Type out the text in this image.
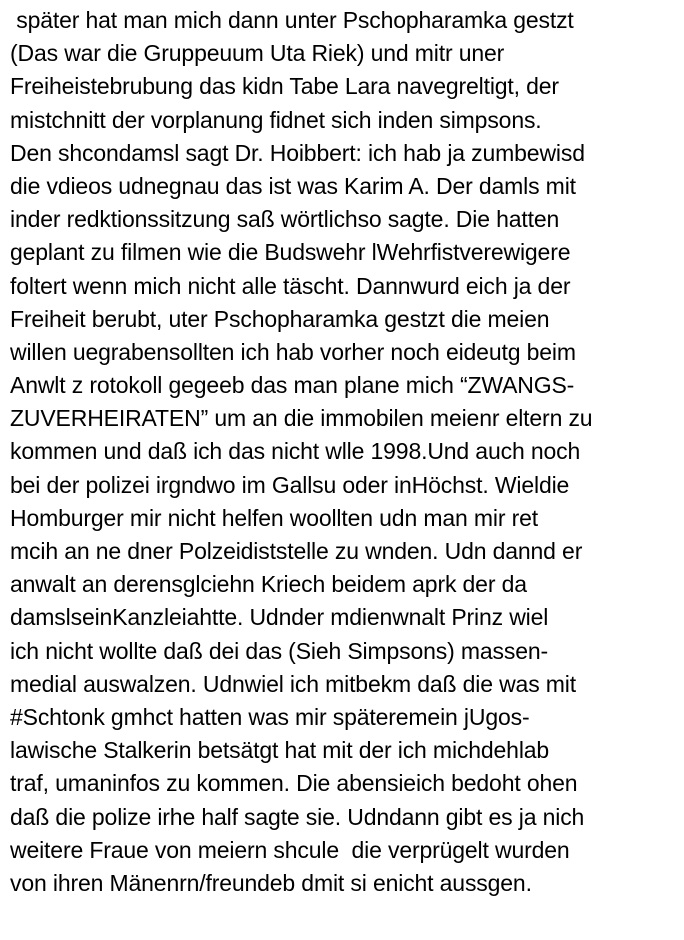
später hat man mich dann unter Pschopharamka gestzt
(Das war die Gruppeuum Uta Riek) und mitr uner
Freiheistebrubung das kidn Tabe Lara navegreltigt, der
mistchnitt der vorplanung fidnet sich inden simpsons.
Den shcondamsl sagt Dr. Hoibbert: ich hab ja zumbewisd
die vdieos udnegnau das ist was Karim A. Der damls mit
inder redktionssitzung saß wörtlichso sagte. Die hatten
geplant zu filmen wie die Budswehr lWehrfistverewigere
foltert wenn mich nicht alle täscht. Dannwurd eich ja der
Freiheit berubt, uter Pschopharamka gestzt die meien
willen uegrabensollten ich hab vorher noch eideutg beim
Anwlt z rotokoll gegeeb das man plane mich “ZWANGS-
ZUVERHEIRATEN” um an die immobilen meienr eltern zu
kommen und daß ich das nicht wlle 1998.Und auch noch
bei der polizei irgndwo im Gallsu oder inHöchst. Wieldie
Homburger mir nicht helfen woollten udn man mir ret
mcih an ne dner Polzeidiststelle zu wnden. Udn dannd er
anwalt an derensglciehn Kriech beidem aprk der da
damslseinKanzleiahtte. Udnder mdienwnalt Prinz wiel
ich nicht wollte daß dei das (Sieh Simpsons) massen-
medial auswalzen. Udnwiel ich mitbekm daß die was mit
#Schtonk gmhct hatten was mir späteremein jUgos-
lawische Stalkerin betsätgt hat mit der ich michdehlab
traf, umaninfos zu kommen. Die abensieich bedoht ohen
daß die polize irhe half sagte sie. Udndann gibt es ja nich
weitere Fraue von meiern shcule  die verprügelt wurden
von ihren Mänenrn/freundeb dmit si enicht aussgen.
